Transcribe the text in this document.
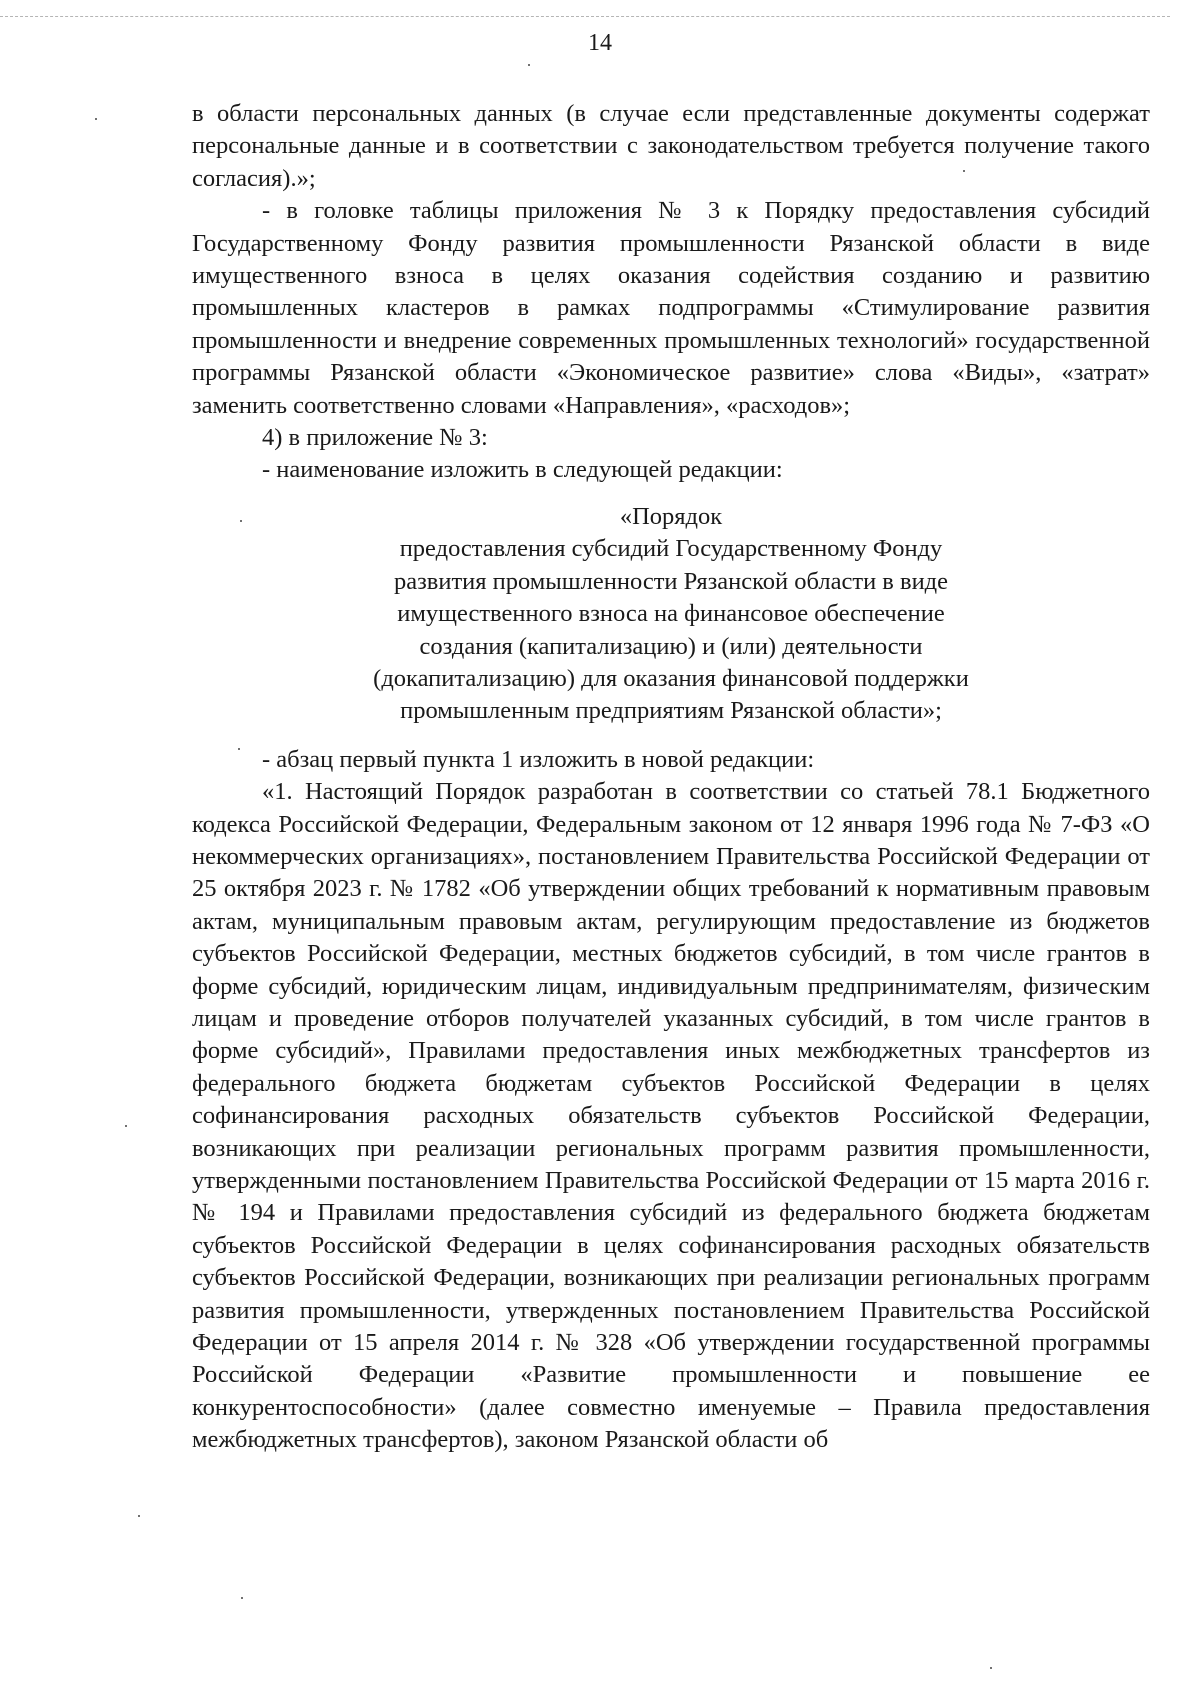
14

в области персональных данных (в случае если представленные документы содержат персональные данные и в соответствии с законодательством требуется получение такого согласия).»;

- в головке таблицы приложения № 3 к Порядку предоставления субсидий Государственному Фонду развития промышленности Рязанской области в виде имущественного взноса в целях оказания содействия созданию и развитию промышленных кластеров в рамках подпрограммы «Стимулирование развития промышленности и внедрение современных промышленных технологий» государственной программы Рязанской области «Экономическое развитие» слова «Виды», «затрат» заменить соответственно словами «Направления», «расходов»;

4) в приложение № 3:

- наименование изложить в следующей редакции:

«Порядок
предоставления субсидий Государственному Фонду
развития промышленности Рязанской области в виде
имущественного взноса на финансовое обеспечение
создания (капитализацию) и (или) деятельности
(докапитализацию) для оказания финансовой поддержки
промышленным предприятиям Рязанской области»;

- абзац первый пункта 1 изложить в новой редакции:

«1. Настоящий Порядок разработан в соответствии со статьей 78.1 Бюджетного кодекса Российской Федерации, Федеральным законом от 12 января 1996 года № 7-ФЗ «О некоммерческих организациях», постановлением Правительства Российской Федерации от 25 октября 2023 г. № 1782 «Об утверждении общих требований к нормативным правовым актам, муниципальным правовым актам, регулирующим предоставление из бюджетов субъектов Российской Федерации, местных бюджетов субсидий, в том числе грантов в форме субсидий, юридическим лицам, индивидуальным предпринимателям, физическим лицам и проведение отборов получателей указанных субсидий, в том числе грантов в форме субсидий», Правилами предоставления иных межбюджетных трансфертов из федерального бюджета бюджетам субъектов Российской Федерации в целях софинансирования расходных обязательств субъектов Российской Федерации, возникающих при реализации региональных программ развития промышленности, утвержденными постановлением Правительства Российской Федерации от 15 марта 2016 г. № 194 и Правилами предоставления субсидий из федерального бюджета бюджетам субъектов Российской Федерации в целях софинансирования расходных обязательств субъектов Российской Федерации, возникающих при реализации региональных программ развития промышленности, утвержденных постановлением Правительства Российской Федерации от 15 апреля 2014 г. № 328 «Об утверждении государственной программы Российской Федерации «Развитие промышленности и повышение ее конкурентоспособности» (далее совместно именуемые – Правила предоставления межбюджетных трансфертов), законом Рязанской области об
